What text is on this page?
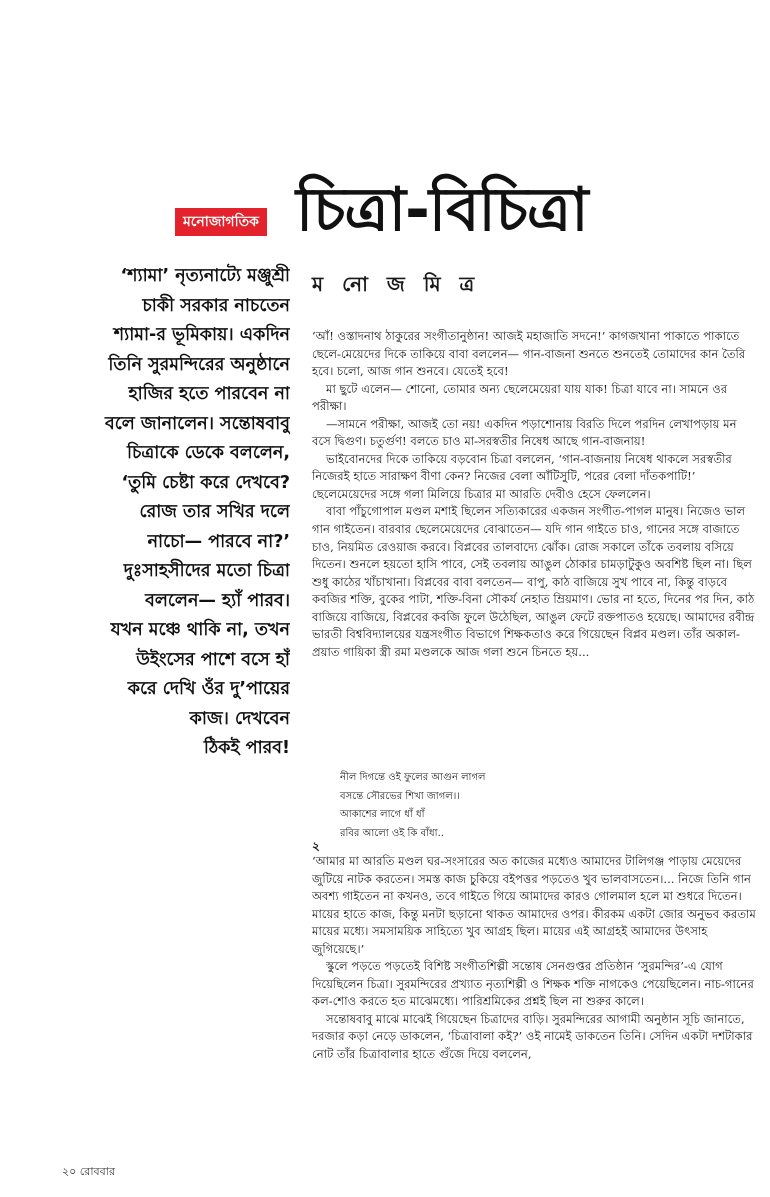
মনোজাগতিক চিত্রা-বিচিত্রা
ম নো জ মি ত্র

‘শ্যামা’ নৃত্যনাট্যে মঞ্জুশ্রী

চাকী সরকার নাচতেন

শ্যামা-র ভূমিকায়। একদিন

তিনি সুরমন্দিরের অনুষ্ঠানে

হাজির হতে পারবেন না

বলে জানালেন। সন্তোষবাবু

চিত্রাকে ডেকে বললেন,

‘তুমি চেষ্টা করে দেখবে?

রোজ তার সখির দলে

নাচো— পারবে না?’

দুঃসাহসীদের মতো চিত্রা

বললেন— হ্যাঁ পারব।

যখন মঞ্চে থাকি না, তখন

উইংসের পাশে বসে হাঁ

করে দেখি ওঁর দু’পায়ের

কাজ। দেখবেন

ঠিকই পারব!

‘আঁ! ওস্তাদনাথ ঠাকুরের সংগীতানুষ্ঠান! আজই মহাজাতি সদনে!’ কাগজখানা পাকাতে পাকাতে ছেলে-মেয়েদের দিকে তাকিয়ে বাবা বললেন— গান-বাজনা শুনতে শুনতেই তোমাদের কান তৈরি হবে। চলো, আজ গান শুনবে। যেতেই হবে!

মা ছুটে এলেন— শোনো, তোমার অন্য ছেলেমেয়েরা যায় যাক! চিত্রা যাবে না। সামনে ওর পরীক্ষা।

—সামনে পরীক্ষা, আজই তো নয়! একদিন পড়াশোনায় বিরতি দিলে পরদিন লেখাপড়ায় মন বসে দ্বিগুণ। চতুর্গুণ! বলতে চাও মা-সরস্বতীর নিষেধ আছে গান-বাজনায়!

ভাইবোনদের দিকে তাকিয়ে বড়বোন চিত্রা বললেন, ‘গান-বাজনায় নিষেধ থাকলে সরস্বতীর নিজেরই হাতে সারাক্ষণ বীণা কেন? নিজের বেলা আঁটিসুটি, পরের বেলা দাঁতকপাটি!’ ছেলেমেয়েদের সঙ্গে গলা মিলিয়ে চিত্রার মা আরতি দেবীও হেসে ফেললেন।

বাবা পাঁচুগোপাল মণ্ডল মশাই ছিলেন সত্যিকারের একজন সংগীত-পাগল মানুষ। নিজেও ভাল গান গাইতেন। বারবার ছেলেমেয়েদের বোঝাতেন— যদি গান গাইতে চাও, গানের সঙ্গে বাজাতে চাও, নিয়মিত রেওয়াজ করবে। বিপ্লবের তালবাদ্যে ঝোঁক। রোজ সকালে তাঁকে তবলায় বসিয়ে দিতেন। শুনলে হয়তো হাসি পাবে, সেই তবলায় আঙুল ঠোকার চামড়াটুকুও অবশিষ্ট ছিল না। ছিল শুধু কাঠের খাঁচাখানা। বিপ্লবের বাবা বলতেন— বাপু, কাঠ বাজিয়ে সুখ পাবে না, কিন্তু বাড়বে কবজির শক্তি, বুকের পাটা, শক্তি-বিনা সৌকর্য নেহাত ম্রিয়মাণ। ভোর না হতে, দিনের পর দিন, কাঠ বাজিয়ে বাজিয়ে, বিপ্লবের কবজি ফুলে উঠেছিল, আঙুল ফেটে রক্তপাতও হয়েছে। আমাদের রবীন্দ্র ভারতী বিশ্ববিদ্যালয়ের যন্ত্রসংগীত বিভাগে শিক্ষকতাও করে গিয়েছেন বিপ্লব মণ্ডল। তাঁর অকাল-প্রয়াত গায়িকা স্ত্রী রমা মণ্ডলকে আজ গলা শুনে চিনতে হয়...

নীল দিগন্তে ওই ফুলের আগুন লাগল

বসন্তে সৌরভের শিখা জাগল।।

আকাশের লাগে ধাঁ ধাঁ

রবির আলো ওই কি বাঁধা..

২

‘আমার মা আরতি মণ্ডল ঘর-সংসারের অত কাজের মধ্যেও আমাদের টালিগঞ্জ পাড়ায় মেয়েদের জুটিয়ে নাটক করতেন। সমস্ত কাজ চুকিয়ে বইপত্তর পড়তেও খুব ভালবাসতেন।... নিজে তিনি গান অবশ্য গাইতেন না কখনও, তবে গাইতে গিয়ে আমাদের কারও গোলমাল হলে মা শুধরে দিতেন। মায়ের হাতে কাজ, কিন্তু মনটা ছড়ানো থাকত আমাদের ওপর। কীরকম একটা জোর অনুভব করতাম মায়ের মধ্যে। সমসাময়িক সাহিত্যে খুব আগ্রহ ছিল। মায়ের এই আগ্রহই আমাদের উৎসাহ জুগিয়েছে।’

স্কুলে পড়তে পড়তেই বিশিষ্ট সংগীতশিল্পী সন্তোষ সেনগুপ্তর প্রতিষ্ঠান ‘সুরমন্দির’-এ যোগ দিয়েছিলেন চিত্রা। সুরমন্দিরের প্রখ্যাত নৃত্যশিল্পী ও শিক্ষক শক্তি নাগকেও পেয়েছিলেন। নাচ-গানের কল-শোও করতে হত মাঝেমধ্যে। পারিশ্রমিকের প্রশ্নই ছিল না শুরুর কালে।

সন্তোষবাবু মাঝে মাঝেই গিয়েছেন চিত্রাদের বাড়ি। সুরমন্দিরের আগামী অনুষ্ঠান সূচি জানাতে, দরজার কড়া নেড়ে ডাকলেন, ‘চিত্রাবালা কই?’ ওই নামেই ডাকতেন তিনি। সেদিন একটা দশটাকার নোট তাঁর চিত্রাবালার হাতে গুঁজে দিয়ে বললেন,

২০ রোববার
